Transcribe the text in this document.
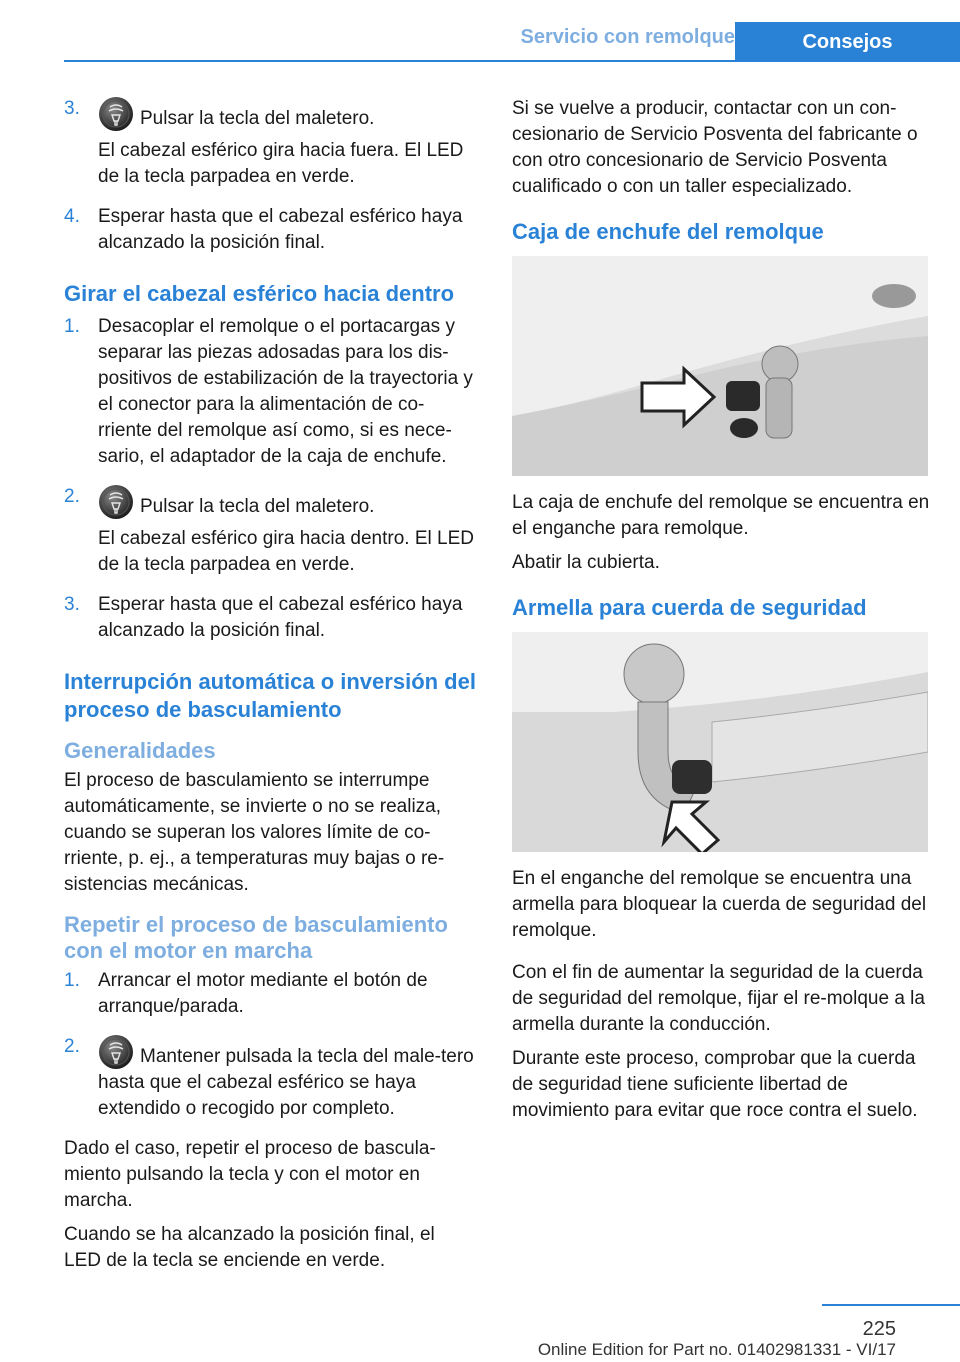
Servicio con remolque	Consejos
3.	Pulsar la tecla del maletero.

El cabezal esférico gira hacia fuera. El LED de la tecla parpadea en verde.

4. Esperar hasta que el cabezal esférico haya alcanzado la posición final.

Girar el cabezal esférico hacia dentro
1. Desacoplar el remolque o el portacargas y separar las piezas adosadas para los dis‐positivos de estabilización de la trayectoria y el conector para la alimentación de co‐rriente del remolque así como, si es nece‐sario, el adaptador de la caja de enchufe.

2.	Pulsar la tecla del maletero.

El cabezal esférico gira hacia dentro. El LED de la tecla parpadea en verde.

3. Esperar hasta que el cabezal esférico haya alcanzado la posición final.

Interrupción automática o inversión del proceso de basculamiento
Generalidades

El proceso de basculamiento se interrumpe automáticamente, se invierte o no se realiza, cuando se superan los valores límite de co‐rriente, p. ej., a temperaturas muy bajas o re‐sistencias mecánicas.

Repetir el proceso de basculamiento con el motor en marcha
1. Arrancar el motor mediante el botón de arranque/parada.

2.	Mantener pulsada la tecla del male‐tero hasta que el cabezal esférico se haya extendido o recogido por completo.

Dado el caso, repetir el proceso de bascula‐miento pulsando la tecla y con el motor en marcha.

Cuando se ha alcanzado la posición final, el LED de la tecla se enciende en verde.

Si se vuelve a producir, contactar con un con‐cesionario de Servicio Posventa del fabricante o con otro concesionario de Servicio Posventa cualificado o con un taller especializado.

Caja de enchufe del remolque

La caja de enchufe del remolque se encuentra en el enganche para remolque.

Abatir la cubierta.

Armella para cuerda de seguridad

En el enganche del remolque se encuentra una armella para bloquear la cuerda de seguridad del remolque.

Con el fin de aumentar la seguridad de la cuerda de seguridad del remolque, fijar el re‐molque a la armella durante la conducción.

Durante este proceso, comprobar que la cuerda de seguridad tiene suficiente libertad de movimiento para evitar que roce contra el suelo.

225
Online Edition for Part no. 01402981331 - VI/17
